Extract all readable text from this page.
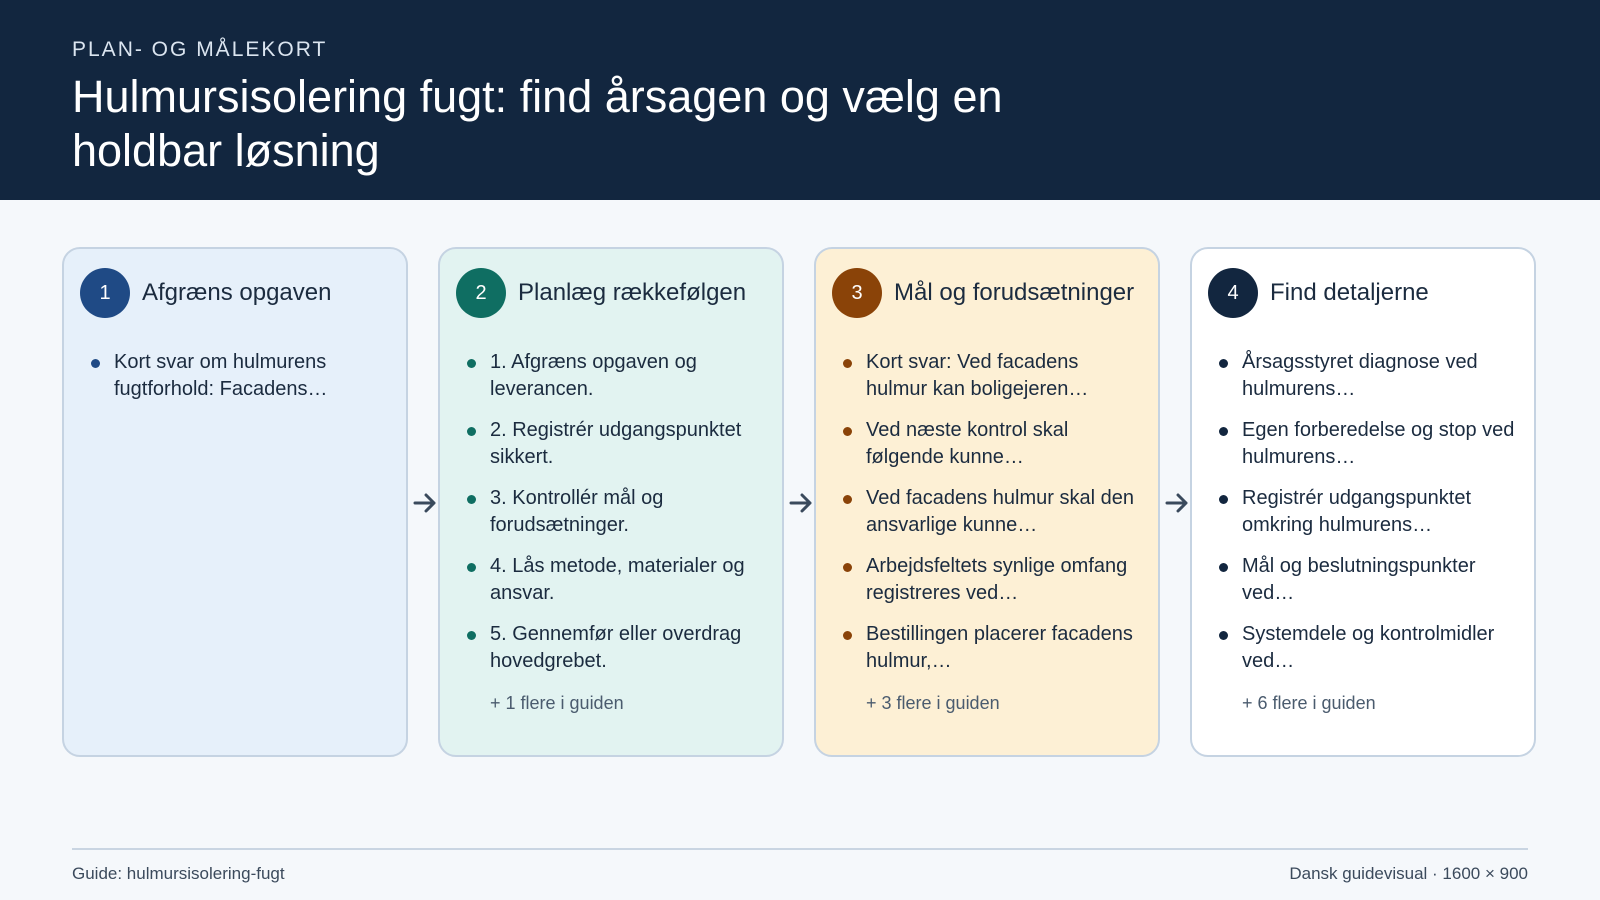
PLAN- OG MÅLEKORT
Hulmursisolering fugt: find årsagen og vælg en holdbar løsning
1	Afgræns opgaven
Kort svar om hulmurens fugtforhold: Facadens…
2	Planlæg rækkefølgen
1. Afgræns opgaven og leverancen.
2. Registrér udgangspunktet sikkert.
3. Kontrollér mål og forudsætninger.
4. Lås metode, materialer og ansvar.
5. Gennemfør eller overdrag hovedgrebet.
+ 1 flere i guiden
3	Mål og forudsætninger
Kort svar: Ved facadens hulmur kan boligejeren…
Ved næste kontrol skal følgende kunne…
Ved facadens hulmur skal den ansvarlige kunne…
Arbejdsfeltets synlige omfang registreres ved…
Bestillingen placerer facadens hulmur,…
+ 3 flere i guiden
4	Find detaljerne
Årsagsstyret diagnose ved hulmurens…
Egen forberedelse og stop ved hulmurens…
Registrér udgangspunktet omkring hulmurens…
Mål og beslutningspunkter ved…
Systemdele og kontrolmidler ved…
+ 6 flere i guiden
Guide: hulmursisolering-fugt	Dansk guidevisual · 1600 × 900
